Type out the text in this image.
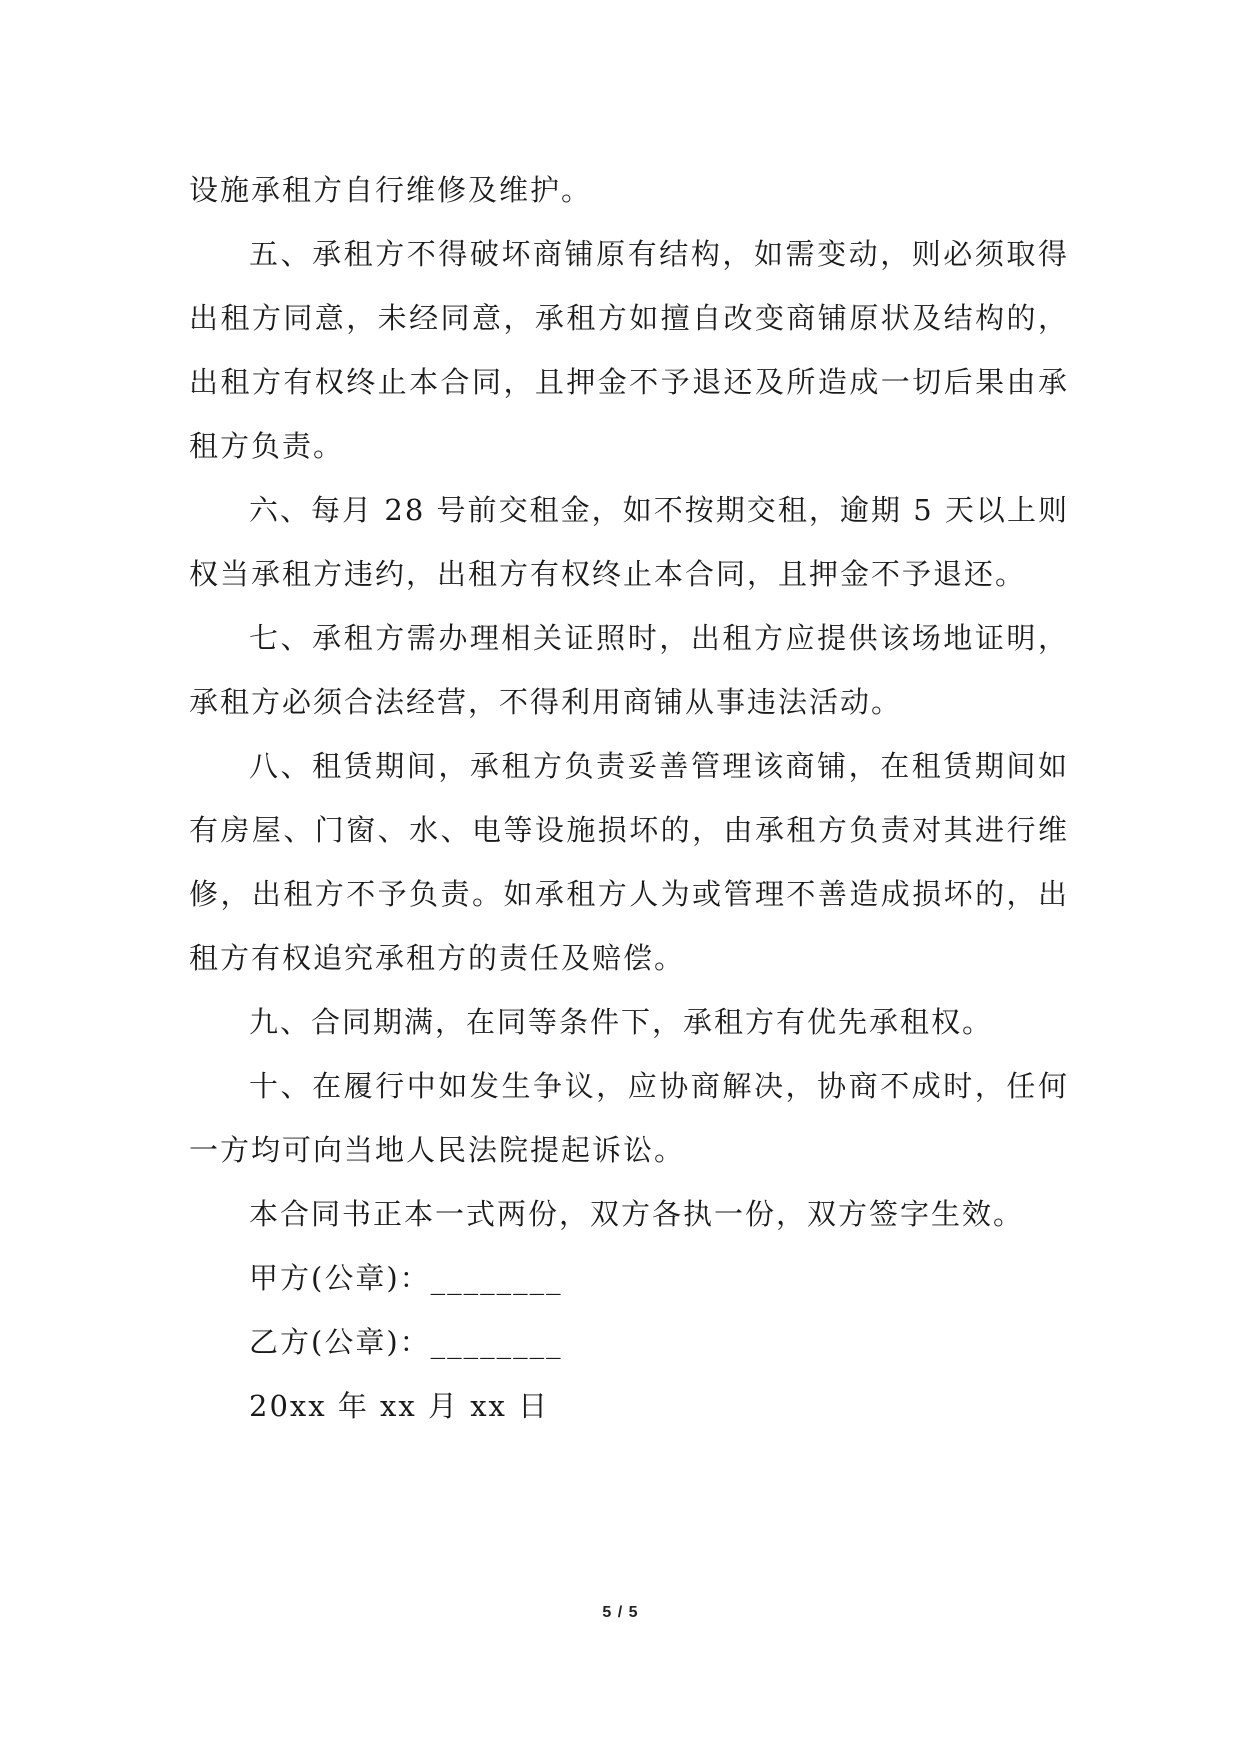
设施承租方自行维修及维护。

五、承租方不得破坏商铺原有结构，如需变动，则必须取得出租方同意，未经同意，承租方如擅自改变商铺原状及结构的，出租方有权终止本合同，且押金不予退还及所造成一切后果由承租方负责。

六、每月 28 号前交租金，如不按期交租，逾期 5 天以上则权当承租方违约，出租方有权终止本合同，且押金不予退还。

七、承租方需办理相关证照时，出租方应提供该场地证明，承租方必须合法经营，不得利用商铺从事违法活动。

八、租赁期间，承租方负责妥善管理该商铺，在租赁期间如有房屋、门窗、水、电等设施损坏的，由承租方负责对其进行维修，出租方不予负责。如承租方人为或管理不善造成损坏的，出租方有权追究承租方的责任及赔偿。

九、合同期满，在同等条件下，承租方有优先承租权。

十、在履行中如发生争议，应协商解决，协商不成时，任何一方均可向当地人民法院提起诉讼。

本合同书正本一式两份，双方各执一份，双方签字生效。

甲方(公章)：________

乙方(公章)：________

20xx 年 xx 月 xx 日

5 / 5
